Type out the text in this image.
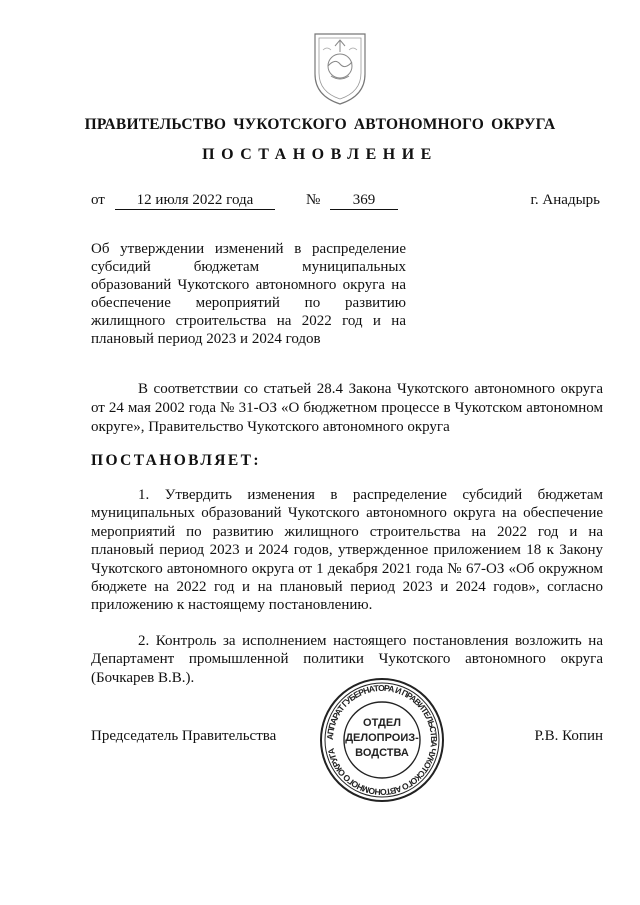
ПРАВИТЕЛЬСТВО ЧУКОТСКОГО АВТОНОМНОГО ОКРУГА
ПОСТАНОВЛЕНИЕ
от	12 июля 2022 года	№	369	г. Анадырь
Об утверждении изменений в распределение
субсидий бюджетам муниципальных
образований Чукотского автономного округа на
обеспечение мероприятий по развитию
жилищного строительства на 2022 год и на
плановый период 2023 и 2024 годов

В соответствии со статьей 28.4 Закона Чукотского автономного округа от 24 мая 2002 года № 31-ОЗ «О бюджетном процессе в Чукотском автономном округе», Правительство Чукотского автономного округа

ПОСТАНОВЛЯЕТ:

1. Утвердить изменения в распределение субсидий бюджетам муниципальных образований Чукотского автономного округа на обеспечение мероприятий по развитию жилищного строительства на 2022 год и на плановый период 2023 и 2024 годов, утвержденное приложением 18 к Закону Чукотского автономного округа от 1 декабря 2021 года № 67-ОЗ «Об окружном бюджете на 2022 год и на плановый период 2023 и 2024 годов», согласно приложению к настоящему постановлению.

2. Контроль за исполнением настоящего постановления возложить на Департамент промышленной политики Чукотского автономного округа (Бочкарев В.В.).

Председатель Правительства	Р.В. Копин
АППАРАТ ГУБЕРНАТОРА И ПРАВИТЕЛЬСТВА ЧУКОТСКОГО АВТОНОМНОГО ОКРУГА
ОТДЕЛ
ДЕЛОПРОИЗ-
ВОДСТВА
